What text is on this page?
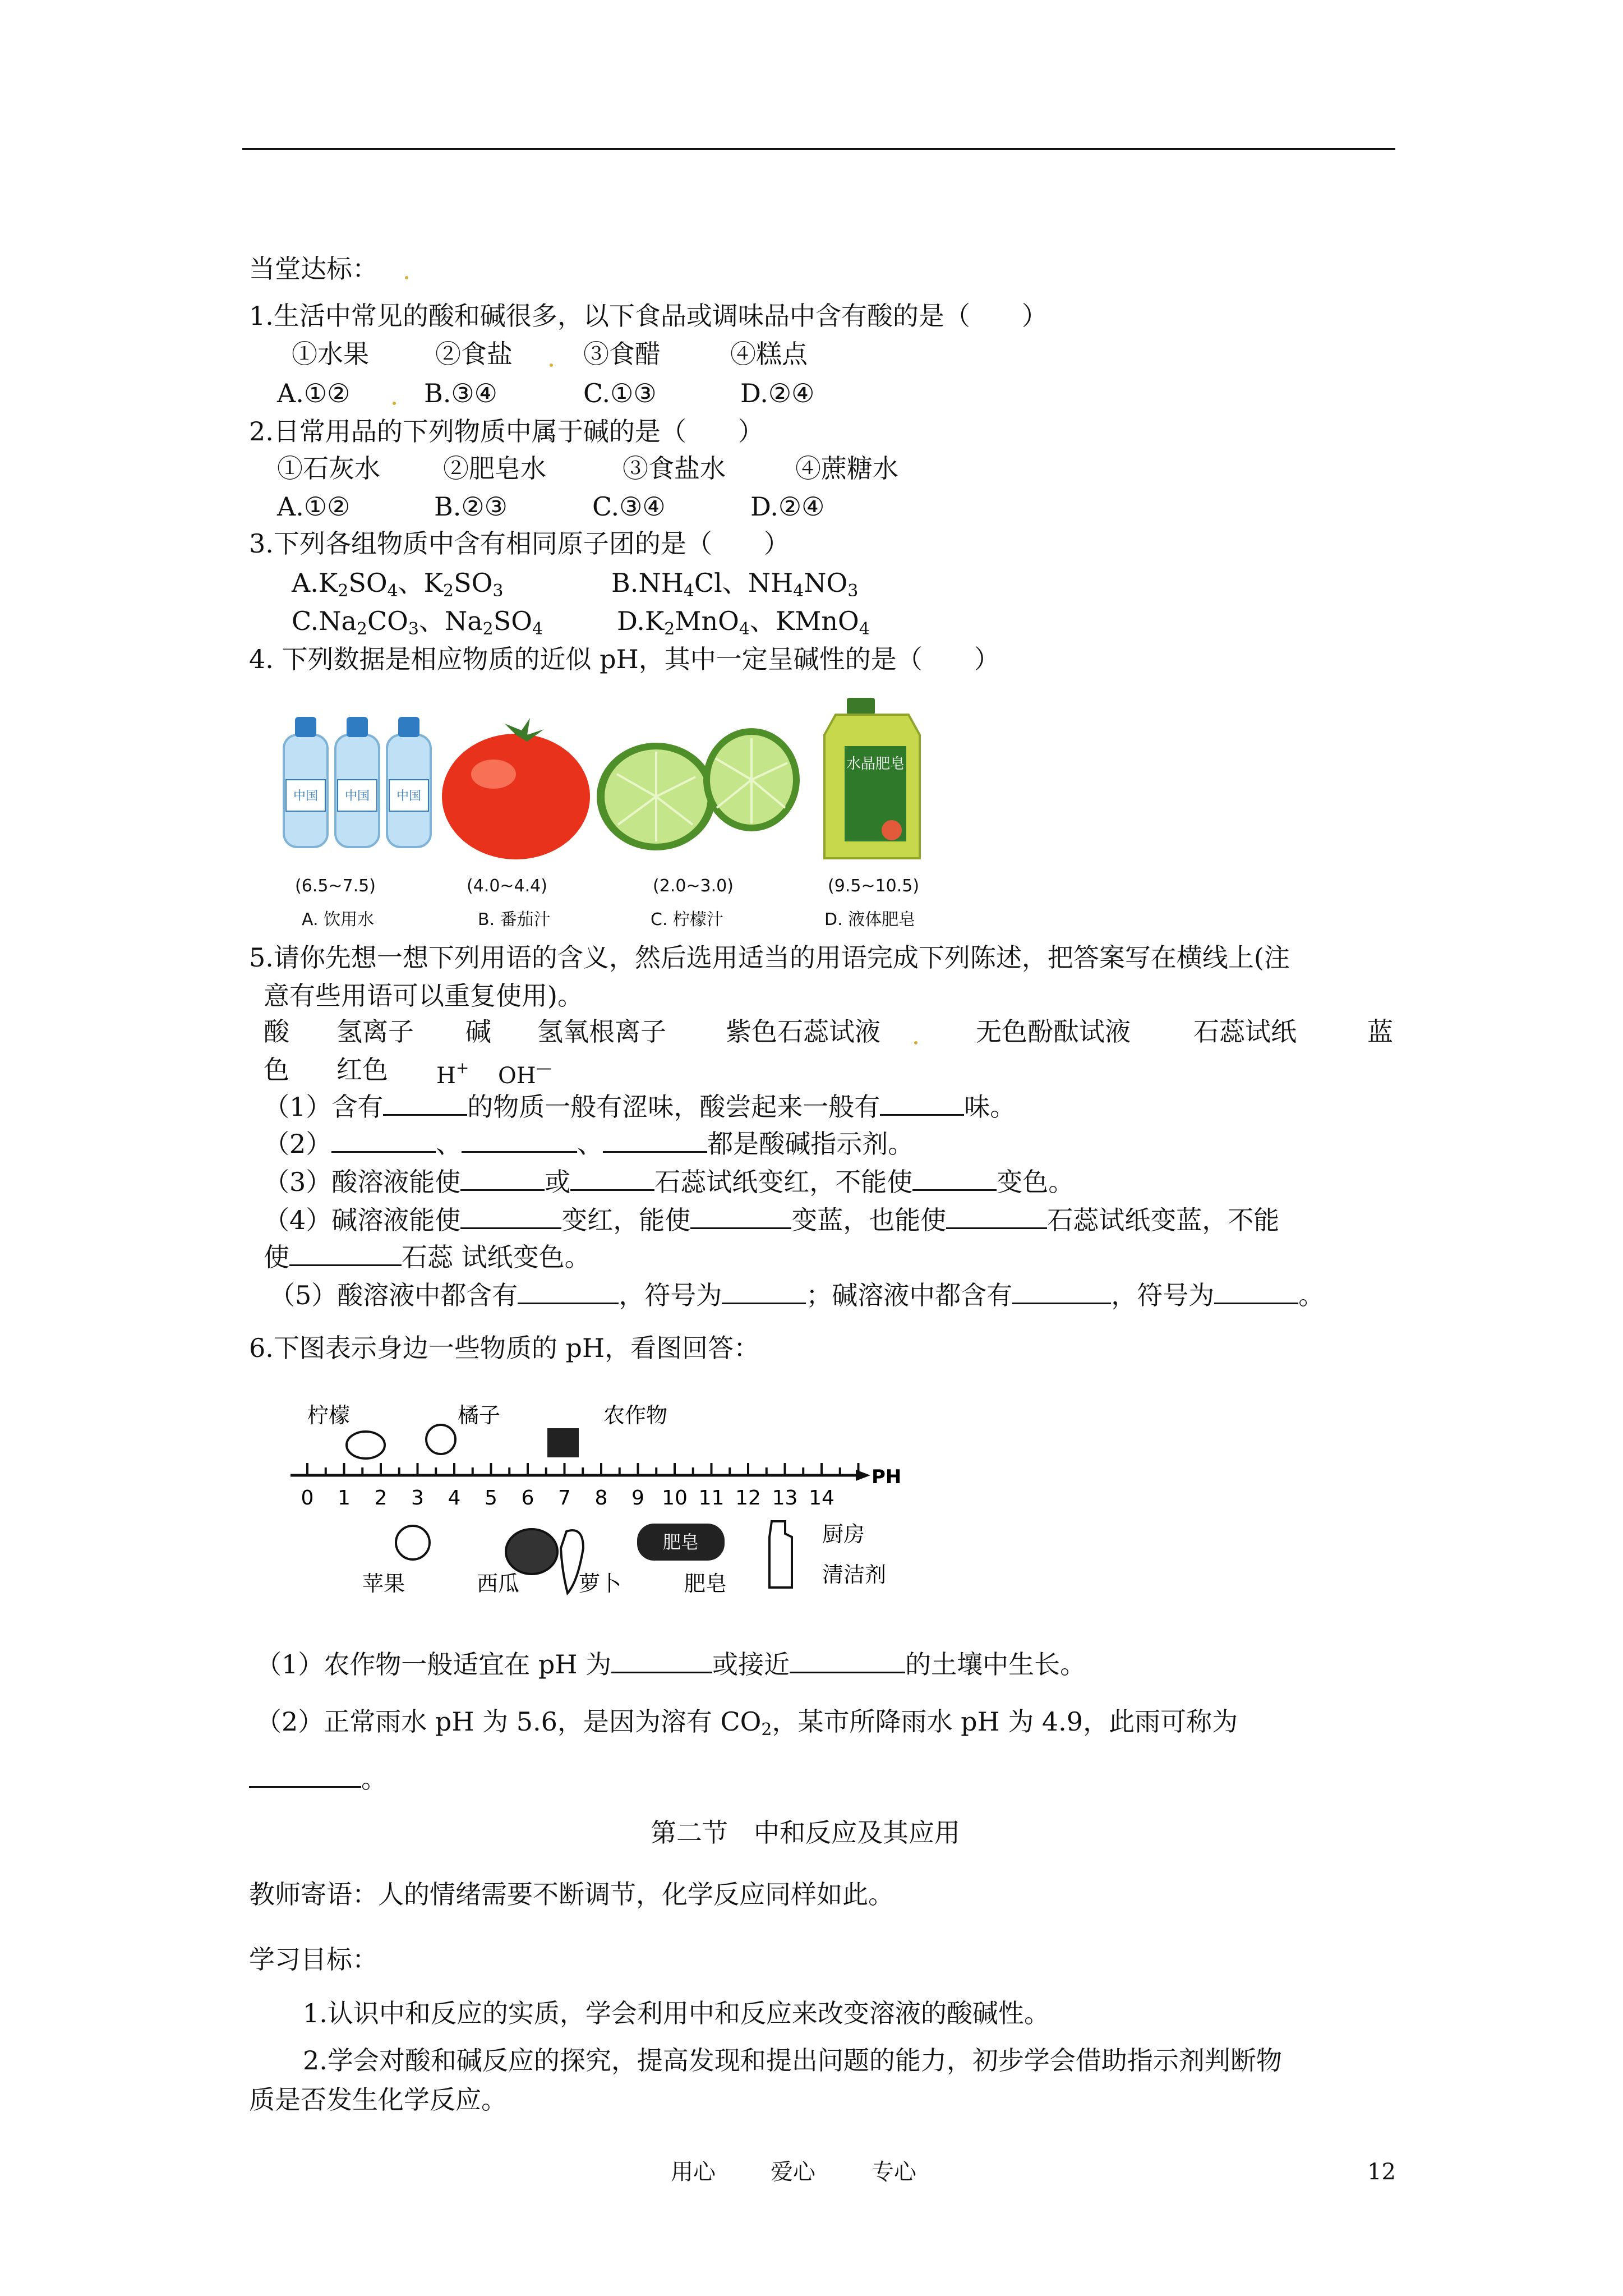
当堂达标：
1.生活中常见的酸和碱很多，以下食品或调味品中含有酸的是（　　）
①水果	②食盐	③食醋	④糕点
A.①②	B.③④	C.①③	D.②④
2.日常用品的下列物质中属于碱的是（　　）
①石灰水 ②肥皂水	③食盐水	④蔗糖水
A.①②	B.②③	C.③④	D.②④
3.下列各组物质中含有相同原子团的是（　　）
$A.K_2SO_4$、$K_2SO_3$	$B.NH_4Cl$、$NH_4NO_3$
$C.Na_2CO_3$、$Na_2SO_4$	$D.K_2MnO_4$、KMnO$_4$
4. 下列数据是相应物质的近似 pH，其中一定呈碱性的是（　　）
中国 中国 中国
水晶肥皂
(6.5~7.5)	(4.0~4.4)	(2.0~3.0)	(9.5~10.5)
A. 饮用水	B. 番茄汁	C. 柠檬汁	D. 液体肥皂
5.请你先想一想下列用语的含义，然后选用适当的用语完成下列陈述，把答案写在横线上(注
意有些用语可以重复使用)。
酸 氢离子 碱 氢氧根离子 紫色石蕊试液	无色酚酞试液 石蕊试纸	蓝
色 红色 H+ OH—
（1）含有	的物质一般有涩味，酸尝起来一般有	味。
（2）	、	、	都是酸碱指示剂。
（3）酸溶液能使	或	石蕊试纸变红，不能使	变色。
（4）碱溶液能使	变红，能使	变蓝，也能使	石蕊试纸变蓝，不能
使	石蕊 试纸变色。
（5）酸溶液中都含有	，符号为	；碱溶液中都含有	，符号为	。
6.下图表示身边一些物质的 pH，看图回答：
柠檬	橘子	农作物
PH
0 1 2 3 4 5 6 7 8 9 10 11 12 13 14
肥皂
苹果	西瓜	萝卜	肥皂
厨房
清洁剂
（1）农作物一般适宜在 pH 为	或接近	的土壤中生长。
（2）正常雨水 pH 为 5.6，是因为溶有 $CO_2$，某市所降雨水 pH 为 4.9，此雨可称为
。
第二节　中和反应及其应用
教师寄语：人的情绪需要不断调节，化学反应同样如此。
学习目标：
1.认识中和反应的实质，学会利用中和反应来改变溶液的酸碱性。
2.学会对酸和碱反应的探究，提高发现和提出问题的能力，初步学会借助指示剂判断物
质是否发生化学反应。
用心 爱心	专心	12
